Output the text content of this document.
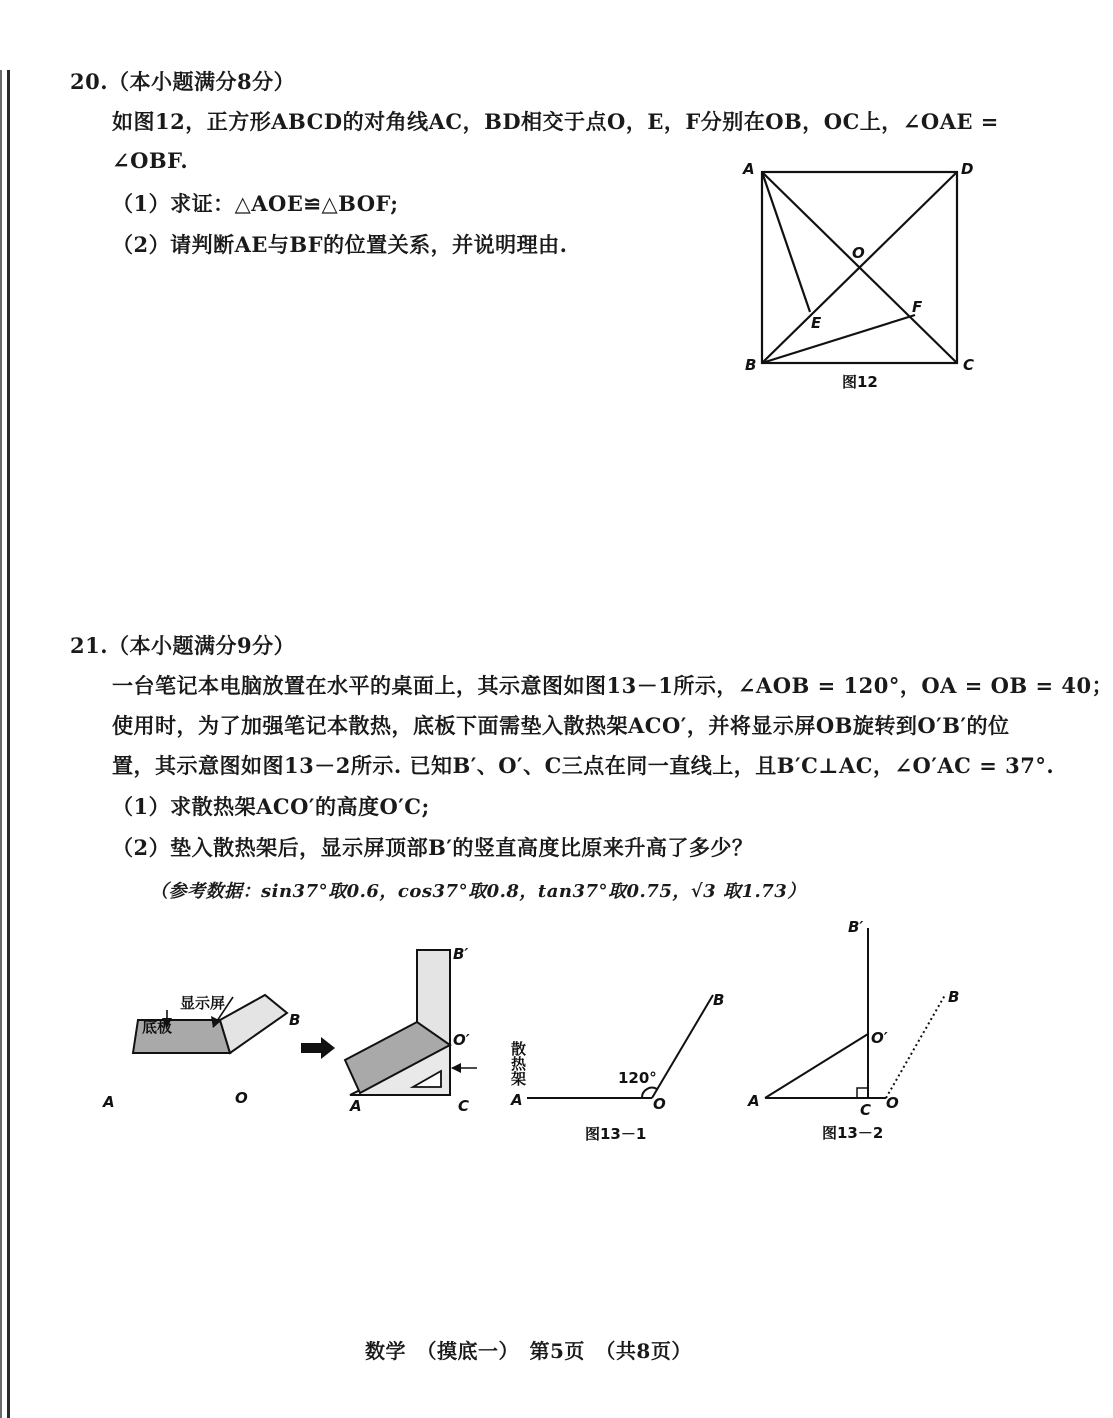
20.（本小题满分8分）
如图12，正方形ABCD的对角线AC，BD相交于点O，E，F分别在OB，OC上，∠OAE =
∠OBF.
（1）求证：△AOE≌△BOF;
（2）请判断AE与BF的位置关系，并说明理由.
A	D
B	C
O
E
F
图12
21.（本小题满分9分）
一台笔记本电脑放置在水平的桌面上，其示意图如图13－1所示，∠AOB = 120°，OA = OB = 40；
使用时，为了加强笔记本散热，底板下面需垫入散热架ACO′，并将显示屏OB旋转到O′B′的位
置，其示意图如图13－2所示. 已知B′、O′、C三点在同一直线上，且B′C⊥AC，∠O′AC = 37°.
（1）求散热架ACO′的高度O′C;
（2）垫入散热架后，显示屏顶部B′的竖直高度比原来升高了多少？
（参考数据：sin37°取0.6，cos37°取0.8，tan37°取0.75，√3 取1.73）
显示屏
底板
A	O
B
散热架
A	C
O′
B′
120°
A	O
B
图13－1
B′
O′
A	C O
B
图13－2
数学　（摸底一）　第5页　（共8页）
